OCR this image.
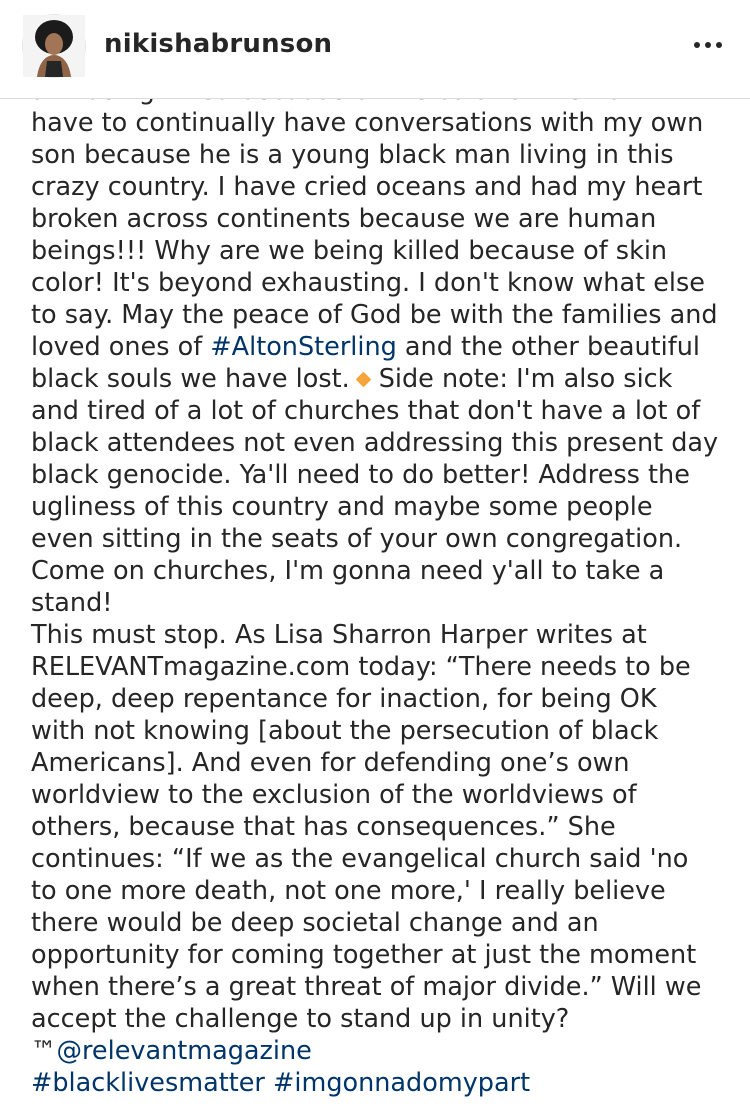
nikishabrunson

have to continually have conversations with my own

son because he is a young black man living in this

crazy country. I have cried oceans and had my heart

broken across continents because we are human

beings!!! Why are we being killed because of skin

color! It's beyond exhausting. I don't know what else

to say. May the peace of God be with the families and

loved ones of #AltonSterling and the other beautiful

black souls we have lost. Side note: I'm also sick

and tired of a lot of churches that don't have a lot of

black attendees not even addressing this present day

black genocide. Ya'll need to do better! Address the

ugliness of this country and maybe some people

even sitting in the seats of your own congregation.

Come on churches, I'm gonna need y'all to take a

stand!

This must stop. As Lisa Sharron Harper writes at

RELEVANTmagazine.com today: “There needs to be

deep, deep repentance for inaction, for being OK

with not knowing [about the persecution of black

Americans]. And even for defending one’s own

worldview to the exclusion of the worldviews of

others, because that has consequences.” She

continues: “If we as the evangelical church said 'no

to one more death, not one more,' I really believe

there would be deep societal change and an

opportunity for coming together at just the moment

when there’s a great threat of major divide.” Will we

accept the challenge to stand up in unity?

™@relevantmagazine

#blacklivesmatter #imgonnadomypart
